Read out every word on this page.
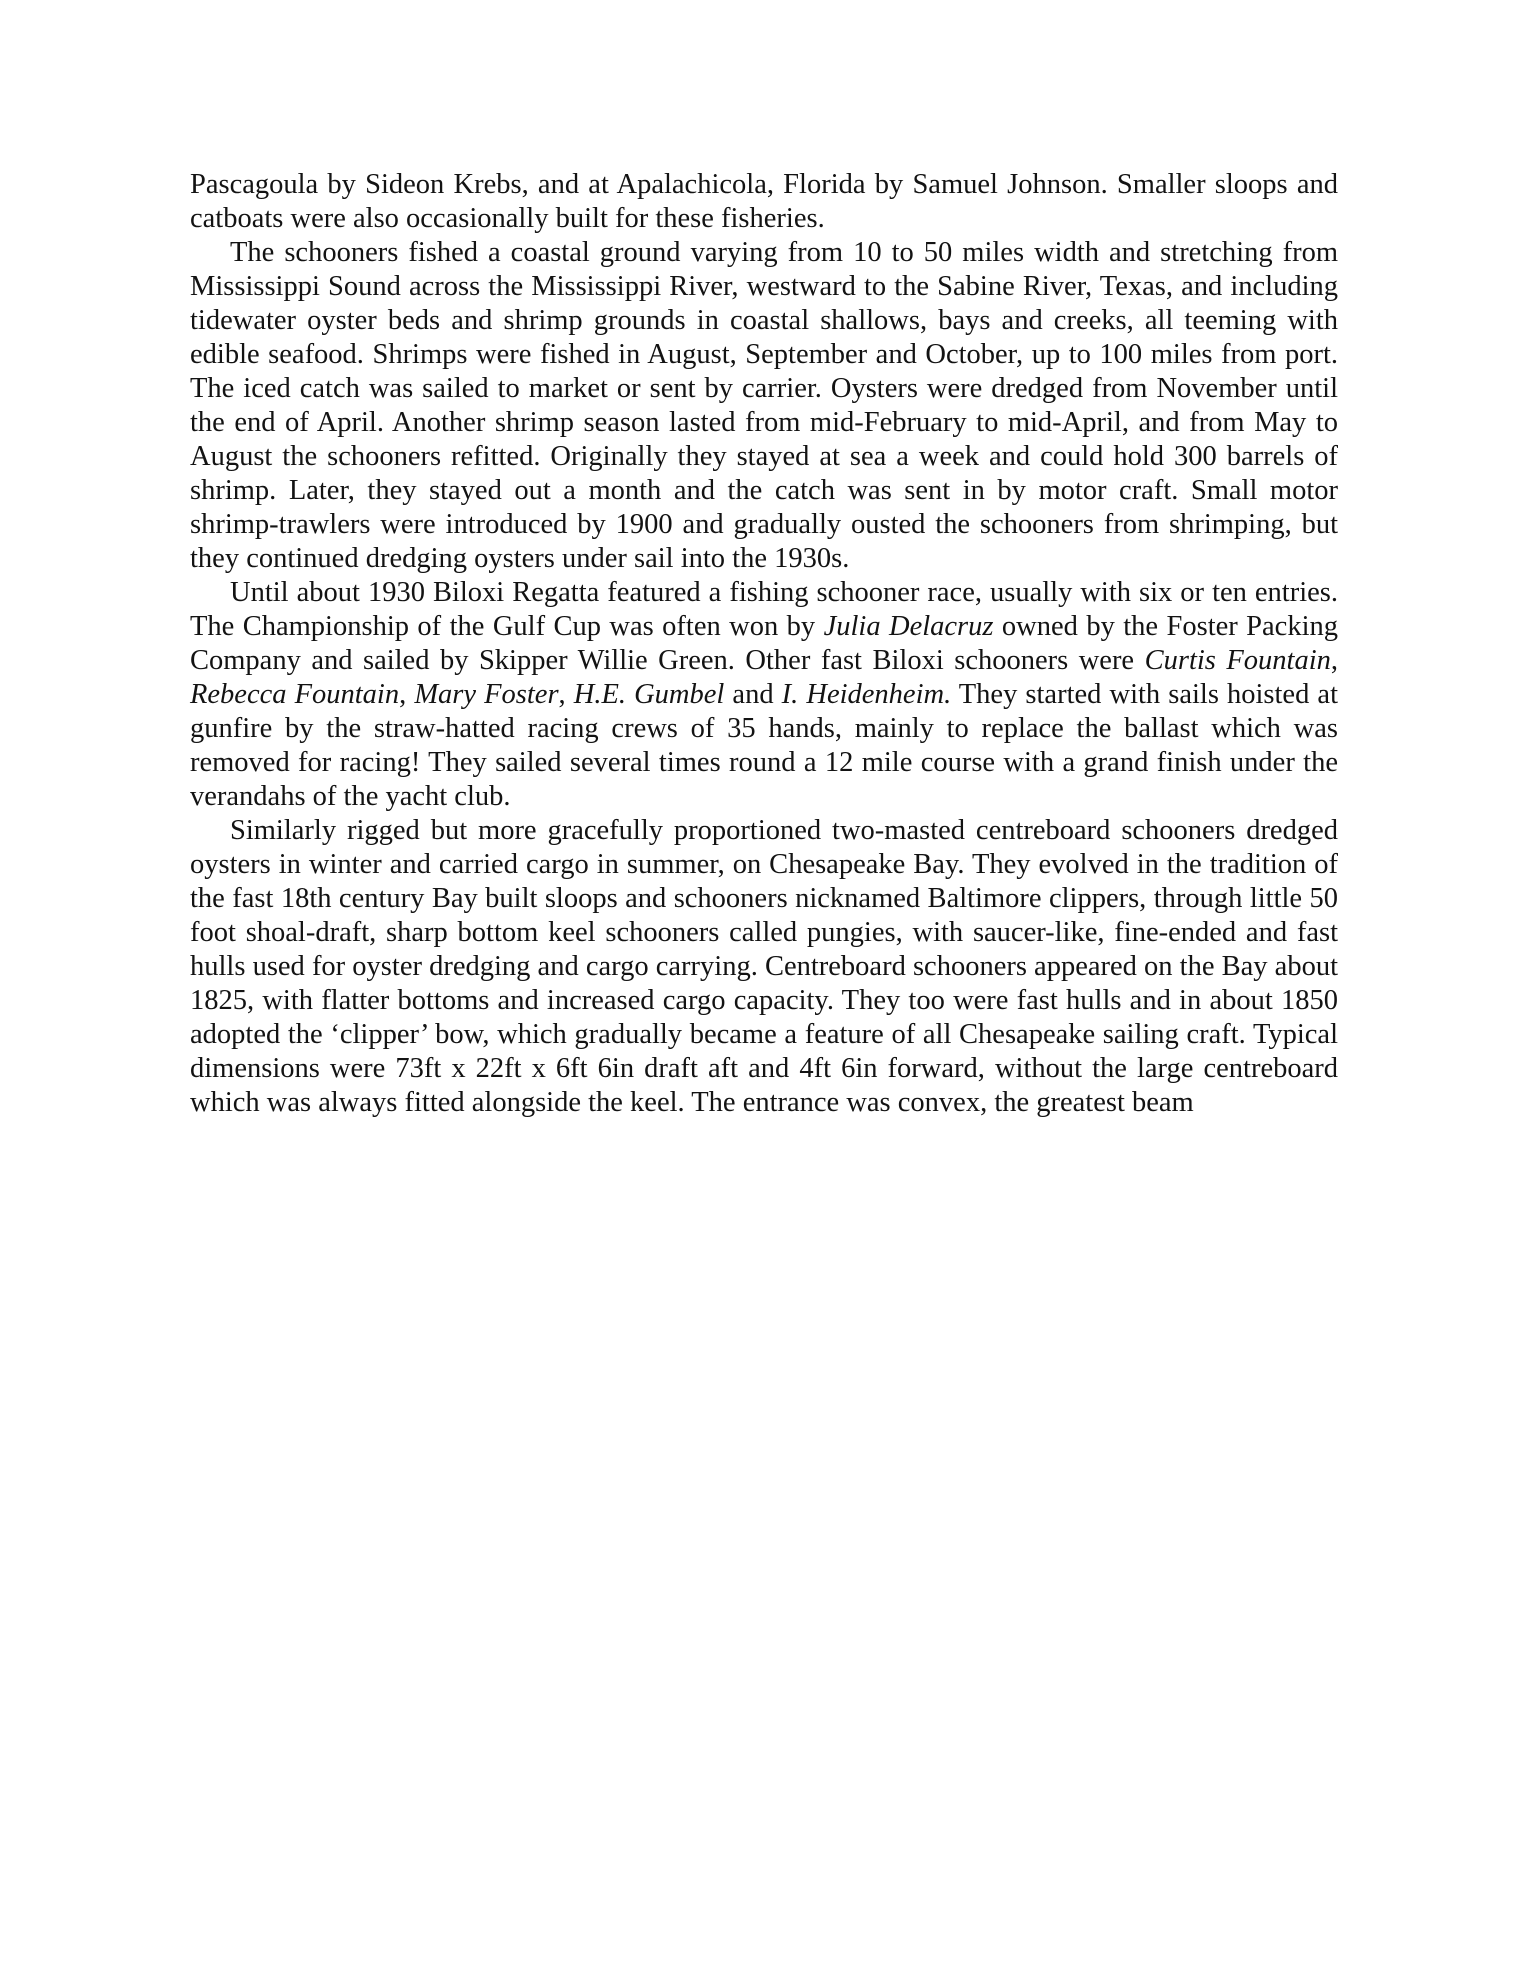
Pascagoula by Sideon Krebs, and at Apalachicola, Florida by Samuel Johnson. Smaller sloops and catboats were also occasionally built for these fisheries.

The schooners fished a coastal ground varying from 10 to 50 miles width and stretching from Mississippi Sound across the Mississippi River, westward to the Sabine River, Texas, and including tidewater oyster beds and shrimp grounds in coastal shallows, bays and creeks, all teeming with edible seafood. Shrimps were fished in August, September and October, up to 100 miles from port. The iced catch was sailed to market or sent by carrier. Oysters were dredged from November until the end of April. Another shrimp season lasted from mid-February to mid-April, and from May to August the schooners refitted. Originally they stayed at sea a week and could hold 300 barrels of shrimp. Later, they stayed out a month and the catch was sent in by motor craft. Small motor shrimp-trawlers were introduced by 1900 and gradually ousted the schooners from shrimping, but they continued dredging oysters under sail into the 1930s.

Until about 1930 Biloxi Regatta featured a fishing schooner race, usually with six or ten entries. The Championship of the Gulf Cup was often won by Julia Delacruz owned by the Foster Packing Company and sailed by Skipper Willie Green. Other fast Biloxi schooners were Curtis Fountain, Rebecca Fountain, Mary Foster, H.E. Gumbel and I. Heidenheim. They started with sails hoisted at gunfire by the straw-hatted racing crews of 35 hands, mainly to replace the ballast which was removed for racing! They sailed several times round a 12 mile course with a grand finish under the verandahs of the yacht club.

Similarly rigged but more gracefully proportioned two-masted centreboard schooners dredged oysters in winter and carried cargo in summer, on Chesapeake Bay. They evolved in the tradition of the fast 18th century Bay built sloops and schooners nicknamed Baltimore clippers, through little 50 foot shoal-draft, sharp bottom keel schooners called pungies, with saucer-like, fine-ended and fast hulls used for oyster dredging and cargo carrying. Centreboard schooners appeared on the Bay about 1825, with flatter bottoms and increased cargo capacity. They too were fast hulls and in about 1850 adopted the ‘clipper’ bow, which gradually became a feature of all Chesapeake sailing craft. Typical dimensions were 73ft x 22ft x 6ft 6in draft aft and 4ft 6in forward, without the large centreboard which was always fitted alongside the keel. The entrance was convex, the greatest beam
